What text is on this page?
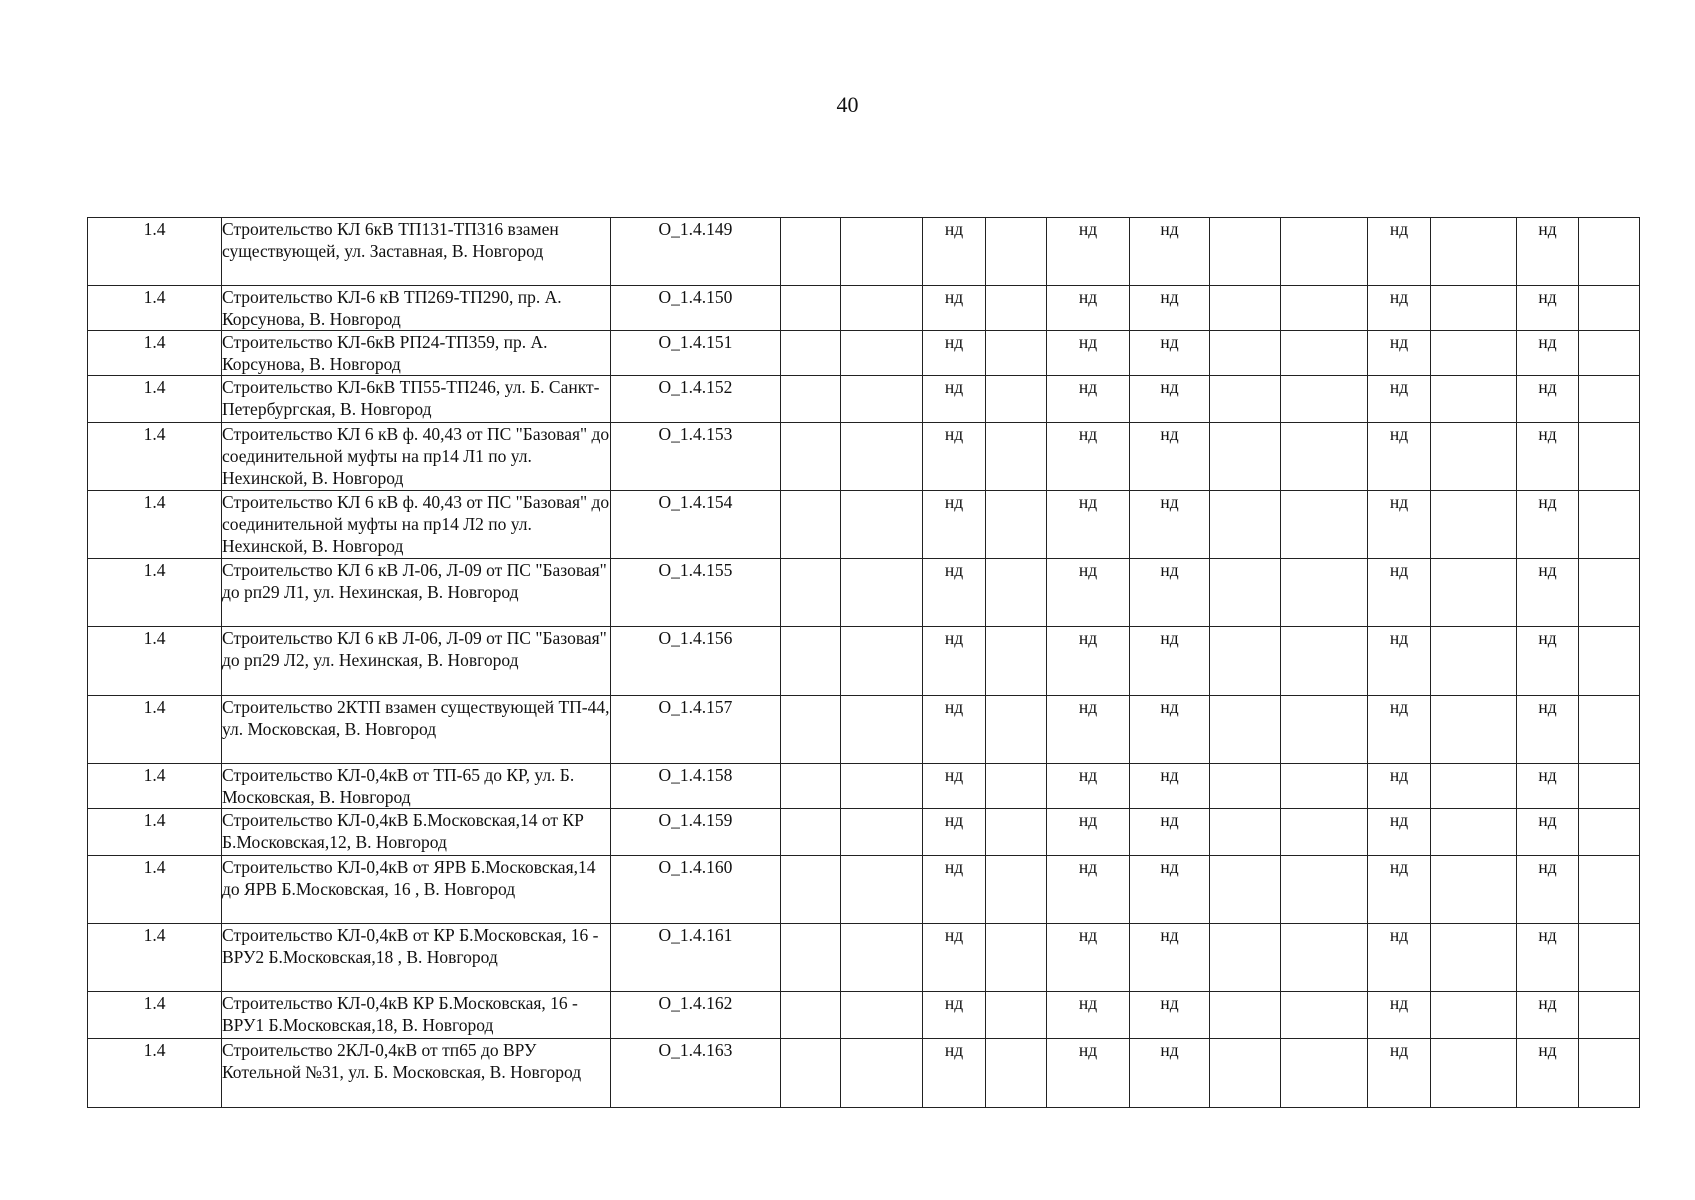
40
1.4	Строительство КЛ 6кВ ТП131-ТП316 взамен существующей, ул. Заставная, В. Новгород	О_1.4.149			нд		нд	нд			нд		нд	
1.4	Строительство КЛ-6 кВ ТП269-ТП290, пр. А. Корсунова, В. Новгород	О_1.4.150			нд		нд	нд			нд		нд	
1.4	Строительство КЛ-6кВ РП24-ТП359, пр. А. Корсунова, В. Новгород	О_1.4.151			нд		нд	нд			нд		нд	
1.4	Строительство КЛ-6кВ ТП55-ТП246, ул. Б. Санкт-Петербургская, В. Новгород	О_1.4.152			нд		нд	нд			нд		нд	
1.4	Строительство КЛ 6 кВ ф. 40,43 от ПС "Базовая" до соединительной муфты на пр14 Л1 по ул. Нехинской, В. Новгород	О_1.4.153			нд		нд	нд			нд		нд	
1.4	Строительство КЛ 6 кВ ф. 40,43 от ПС "Базовая" до соединительной муфты на пр14 Л2 по ул. Нехинской, В. Новгород	О_1.4.154			нд		нд	нд			нд		нд	
1.4	Строительство КЛ 6 кВ Л-06, Л-09 от ПС "Базовая" до рп29 Л1, ул. Нехинская, В. Новгород	О_1.4.155			нд		нд	нд			нд		нд	
1.4	Строительство КЛ 6 кВ Л-06, Л-09 от ПС "Базовая" до рп29 Л2, ул. Нехинская, В. Новгород	О_1.4.156			нд		нд	нд			нд		нд	
1.4	Строительство 2КТП взамен существующей ТП-44, ул. Московская, В. Новгород	О_1.4.157			нд		нд	нд			нд		нд	
1.4	Строительство КЛ-0,4кВ от ТП-65 до КР, ул. Б. Московская, В. Новгород	О_1.4.158			нд		нд	нд			нд		нд	
1.4	Строительство КЛ-0,4кВ Б.Московская,14 от КР Б.Московская,12, В. Новгород	О_1.4.159			нд		нд	нд			нд		нд	
1.4	Строительство КЛ-0,4кВ от ЯРВ Б.Московская,14 до ЯРВ Б.Московская, 16 , В. Новгород	О_1.4.160			нд		нд	нд			нд		нд	
1.4	Строительство КЛ-0,4кВ от КР Б.Московская, 16 - ВРУ2 Б.Московская,18 , В. Новгород	О_1.4.161			нд		нд	нд			нд		нд	
1.4	Строительство КЛ-0,4кВ КР Б.Московская, 16 - ВРУ1 Б.Московская,18, В. Новгород	О_1.4.162			нд		нд	нд			нд		нд	
1.4	Строительство 2КЛ-0,4кВ от тп65 до ВРУ Котельной №31, ул. Б. Московская, В. Новгород	О_1.4.163			нд		нд	нд			нд		нд	
